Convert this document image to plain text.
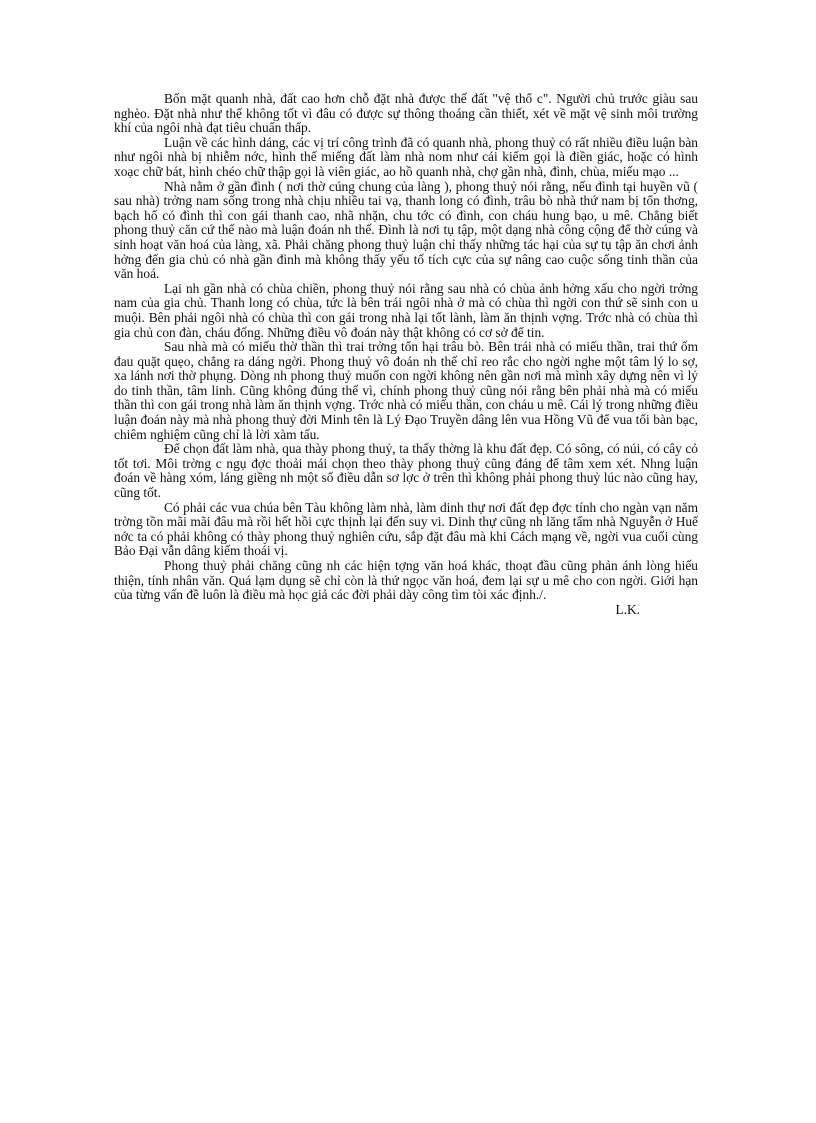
Bốn mặt quanh nhà, đất cao hơn chỗ đặt nhà được thế đất "vệ thổ c". Người chủ trước giàu sau nghèo. Đặt nhà như thế không tốt vì đâu có được sự thông thoáng cần thiết, xét về mặt vệ sinh môi trường khí của ngôi nhà đạt tiêu chuẩn thấp.

Luận về các hình dáng, các vị trí công trình đã có quanh nhà, phong thuỷ có rất nhiều điều luận bàn như ngôi nhà bị nhiễm nớc, hình thế miếng đất làm nhà nom như cái kiếm gọi là điền giác, hoặc có hình xoạc chữ bát, hình chéo chữ thập gọi là viên giác, ao hồ quanh nhà, chợ gần nhà, đình, chùa, miếu mạo ...

Nhà nằm ở gần đình ( nơi thờ cúng chung của làng ), phong thuỷ nói rằng, nếu đình tại huyền vũ ( sau nhà) trởng nam sống trong nhà chịu nhiều tai vạ, thanh long có đình, trâu bò nhà thứ nam bị tổn thơng, bạch hổ có đình thì con gái thanh cao, nhã nhặn, chu tớc có đình, con cháu hung bạo, u mê. Chẳng biết phong thuỷ căn cứ thế nào mà luận đoán nh thế. Đình là nơi tụ tập, một dạng nhà công cộng để thờ cúng và sinh hoạt văn hoá của làng, xã. Phải chăng phong thuỷ luận chỉ thấy những tác hại của sự tụ tập ăn chơi ảnh hởng đến gia chủ có nhà gần đình mà không thấy yếu tố tích cực của sự nâng cao cuộc sống tinh thần của văn hoá.

Lại nh gần nhà có chùa chiền, phong thuỷ nói rằng sau nhà có chùa ảnh hởng xấu cho ngời trởng nam của gia chủ. Thanh long có chùa, tức là bên trái ngôi nhà ở mà có chùa thì ngời con thứ sẽ sinh con u muội. Bên phải ngôi nhà có chùa thì con gái trong nhà lại tốt lành, làm ăn thịnh vợng. Trớc nhà có chùa thì gia chủ con đàn, cháu đống. Những điều vô đoán này thật không có cơ sở để tin.

Sau nhà mà có miếu thờ thần thì trai trởng tổn hại trâu bò. Bên trái nhà có miếu thần, trai thứ ốm đau quặt quẹo, chẳng ra dáng ngời. Phong thuỷ vô đoán nh thế chỉ reo rắc cho ngời nghe một tâm lý lo sợ, xa lánh nơi thờ phụng. Dòng nh phong thuỷ muốn con ngời không nên gần nơi mà mình xây dựng nên vì lý do tinh thần, tâm linh. Cũng không đúng thế vì, chính phong thuỷ cũng nói rằng bên phải nhà mà có miếu thần thì con gái trong nhà làm ăn thịnh vợng. Trớc nhà có miếu thần, con cháu u mê. Cái lý trong những điều luận đoán này mà nhà phong thuỷ đời Minh tên là Lý Đạo Truyền dâng lên vua Hồng Vũ để vua tối bàn bạc, chiêm nghiệm cũng chỉ là lời xàm tấu.

Để chọn đất làm nhà, qua thày phong thuỷ, ta thấy thờng là khu đất đẹp. Có sông, có núi, có cây cỏ tốt tơi. Môi trờng c ngụ đợc thoải mái chọn theo thày phong thuỷ cũng đáng để tâm xem xét. Nhng luận đoán về hàng xóm, láng giềng nh một số điều dẫn sơ lợc ở trên thì không phải phong thuỷ lúc nào cũng hay, cũng tốt.

Có phải các vua chúa bên Tàu không làm nhà, làm dinh thự nơi đất đẹp đợc tính cho ngàn vạn năm trờng tồn mãi mãi đâu mà rồi hết hồi cực thịnh lại đến suy vi. Dinh thự cũng nh lăng tẩm nhà Nguyễn ở Huế nớc ta có phải không có thày phong thuỷ nghiên cứu, sắp đặt đâu mà khi Cách mạng về, ngời vua cuối cùng Bảo Đại vẫn dâng kiếm thoái vị.

Phong thuỷ phải chăng cũng nh các hiện tợng văn hoá khác, thoạt đầu cũng phản ánh lòng hiếu thiện, tính nhân văn. Quá lạm dụng sẽ chỉ còn là thứ ngọc văn hoá, đem lại sự u mê cho con ngời. Giới hạn của từng vấn đề luôn là điều mà học giả các đời phải dày công tìm tòi xác định./.

L.K.
